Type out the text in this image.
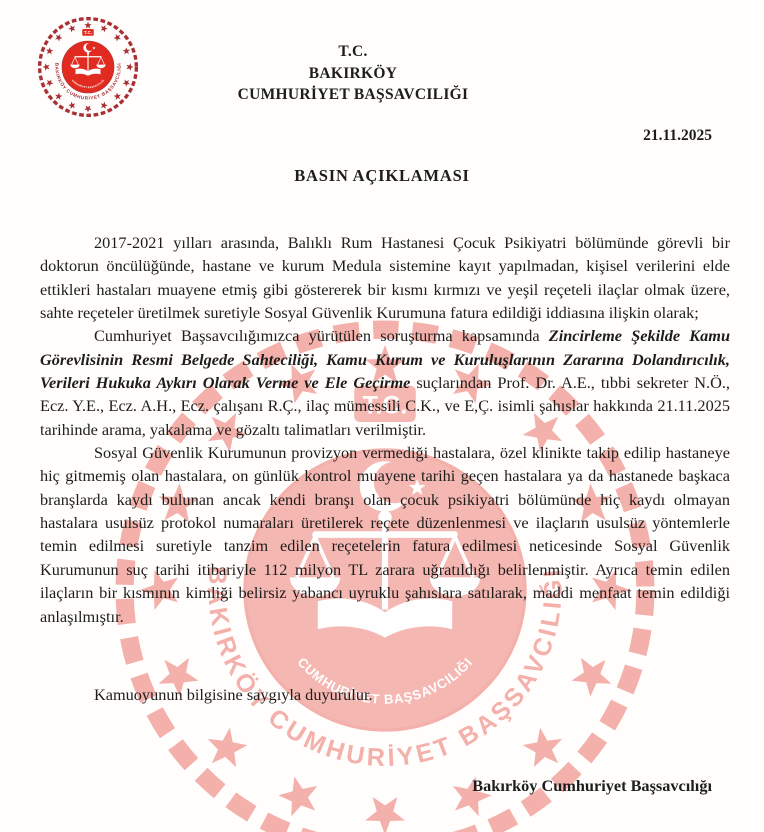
T.C.
BAKIRKÖY
CUMHURİYET BAŞSAVCILIĞI
21.11.2025
BASIN AÇIKLAMASI

2017-2021 yılları arasında, Balıklı Rum Hastanesi Çocuk Psikiyatri bölümünde görevli bir doktorun öncülüğünde, hastane ve kurum Medula sistemine kayıt yapılmadan, kişisel verilerini elde ettikleri hastaları muayene etmiş gibi göstererek bir kısmı kırmızı ve yeşil reçeteli ilaçlar olmak üzere, sahte reçeteler üretilmek suretiyle Sosyal Güvenlik Kurumuna fatura edildiği iddiasına ilişkin olarak;

Cumhuriyet Başsavcılığımızca yürütülen soruşturma kapsamında Zincirleme Şekilde Kamu Görevlisinin Resmi Belgede Sahteciliği, Kamu Kurum ve Kuruluşlarının Zararına Dolandırıcılık, Verileri Hukuka Aykırı Olarak Verme ve Ele Geçirme suçlarından Prof. Dr. A.E., tıbbi sekreter N.Ö., Ecz. Y.E., Ecz. A.H., Ecz. çalışanı R.Ç., ilaç mümessili C.K., ve E,Ç. isimli şahıslar hakkında 21.11.2025 tarihinde arama, yakalama ve gözaltı talimatları verilmiştir.

Sosyal Güvenlik Kurumunun provizyon vermediği hastalara, özel klinikte takip edilip hastaneye hiç gitmemiş olan hastalara, on günlük kontrol muayene tarihi geçen hastalara ya da hastanede başkaca branşlarda kaydı bulunan ancak kendi branşı olan çocuk psikiyatri bölümünde hiç kaydı olmayan hastalara usulsüz protokol numaraları üretilerek reçete düzenlenmesi ve ilaçların usulsüz yöntemlerle temin edilmesi suretiyle tanzim edilen reçetelerin fatura edilmesi neticesinde Sosyal Güvenlik Kurumunun suç tarihi itibariyle 112 milyon TL zarara uğratıldığı belirlenmiştir. Ayrıca temin edilen ilaçların bir kısmının kimliği belirsiz yabancı uyruklu şahıslara satılarak, maddi menfaat temin edildiği anlaşılmıştır.

Kamuoyunun bilgisine saygıyla duyurulur.
Bakırköy Cumhuriyet Başsavcılığı
